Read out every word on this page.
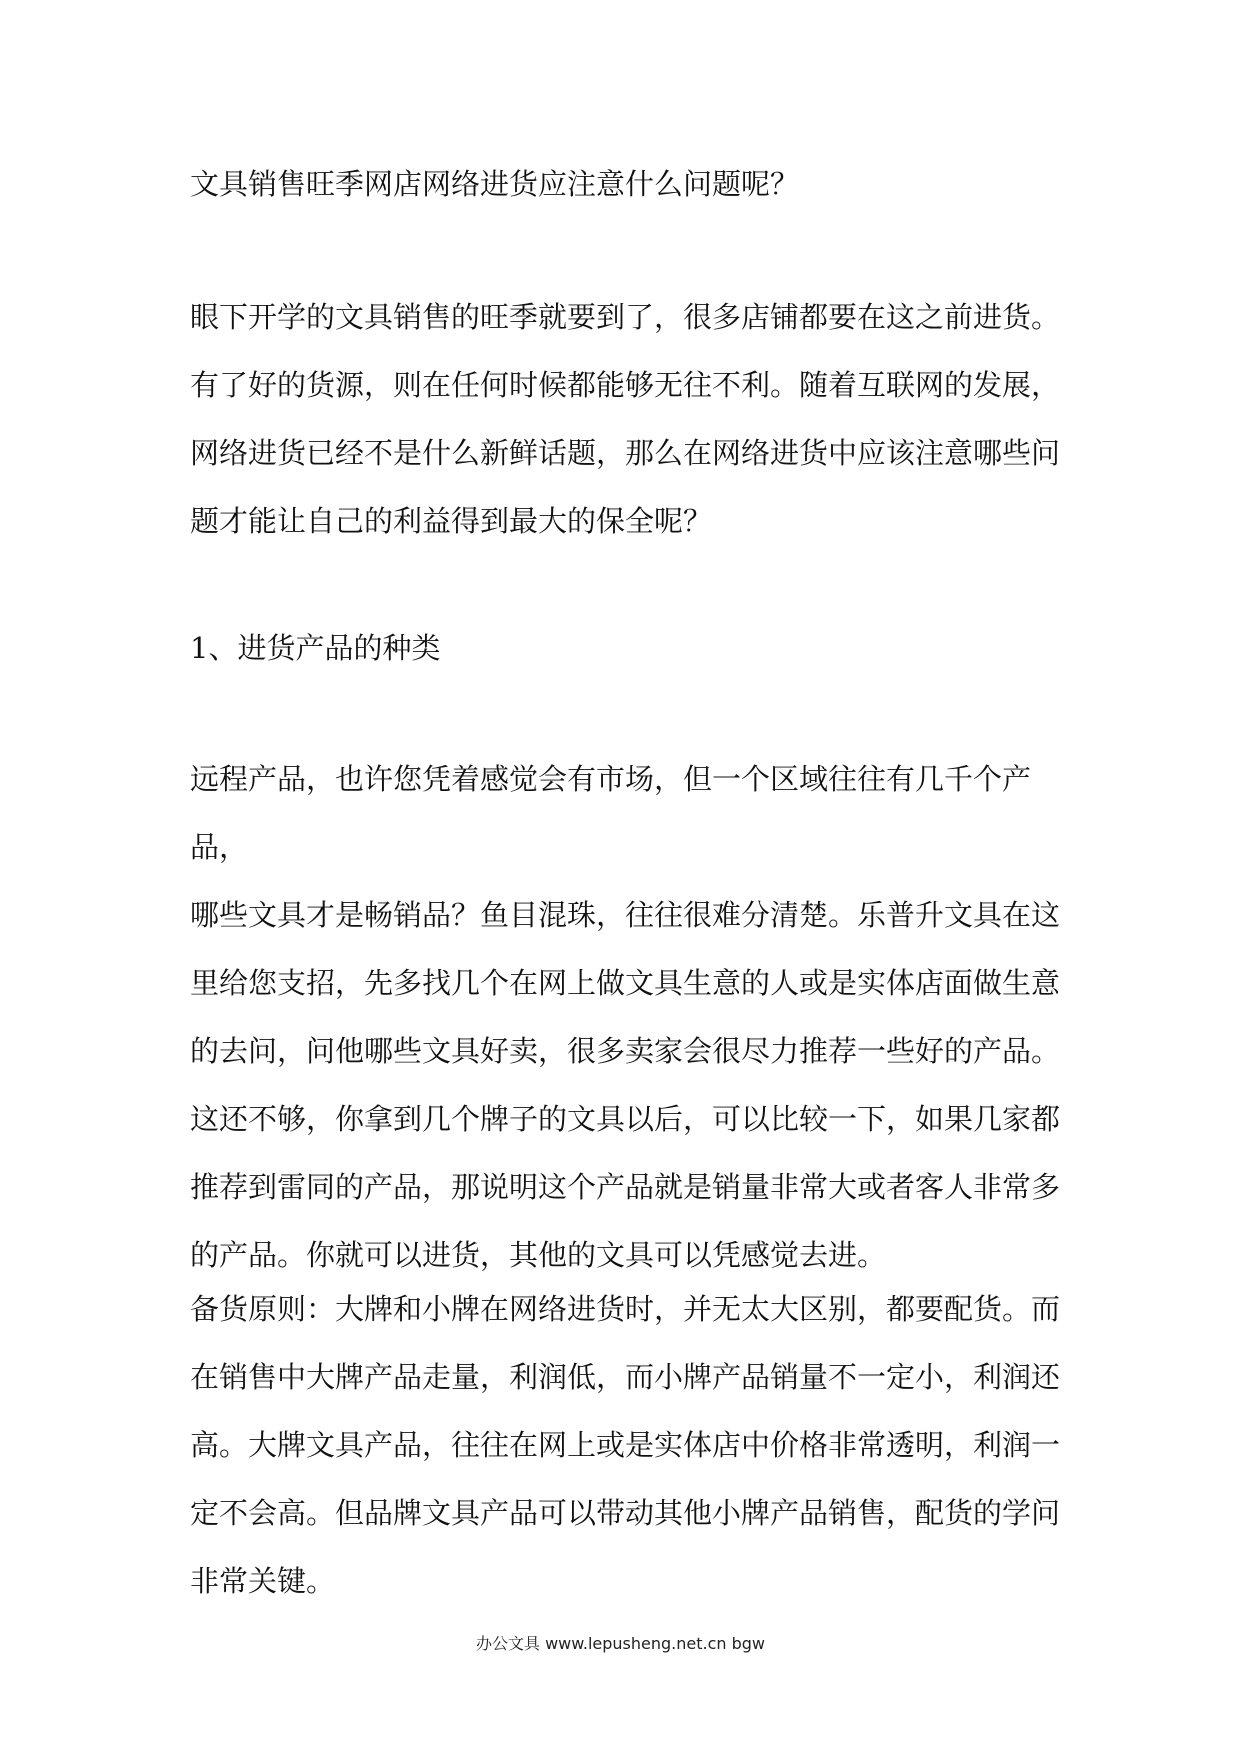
文具销售旺季网店网络进货应注意什么问题呢？
眼下开学的文具销售的旺季就要到了，很多店铺都要在这之前进货。
有了好的货源，则在任何时候都能够无往不利。随着互联网的发展，
网络进货已经不是什么新鲜话题，那么在网络进货中应该注意哪些问
题才能让自己的利益得到最大的保全呢？
1、进货产品的种类
远程产品，也许您凭着感觉会有市场，但一个区域往往有几千个产品，
哪些文具才是畅销品？鱼目混珠，往往很难分清楚。乐普升文具在这
里给您支招，先多找几个在网上做文具生意的人或是实体店面做生意
的去问，问他哪些文具好卖，很多卖家会很尽力推荐一些好的产品。
这还不够，你拿到几个牌子的文具以后，可以比较一下，如果几家都
推荐到雷同的产品，那说明这个产品就是销量非常大或者客人非常多
的产品。你就可以进货，其他的文具可以凭感觉去进。
备货原则：大牌和小牌在网络进货时，并无太大区别，都要配货。而
在销售中大牌产品走量，利润低，而小牌产品销量不一定小，利润还
高。大牌文具产品，往往在网上或是实体店中价格非常透明，利润一
定不会高。但品牌文具产品可以带动其他小牌产品销售，配货的学问
非常关键。
办公文具 www.lepusheng.net.cn bgw
